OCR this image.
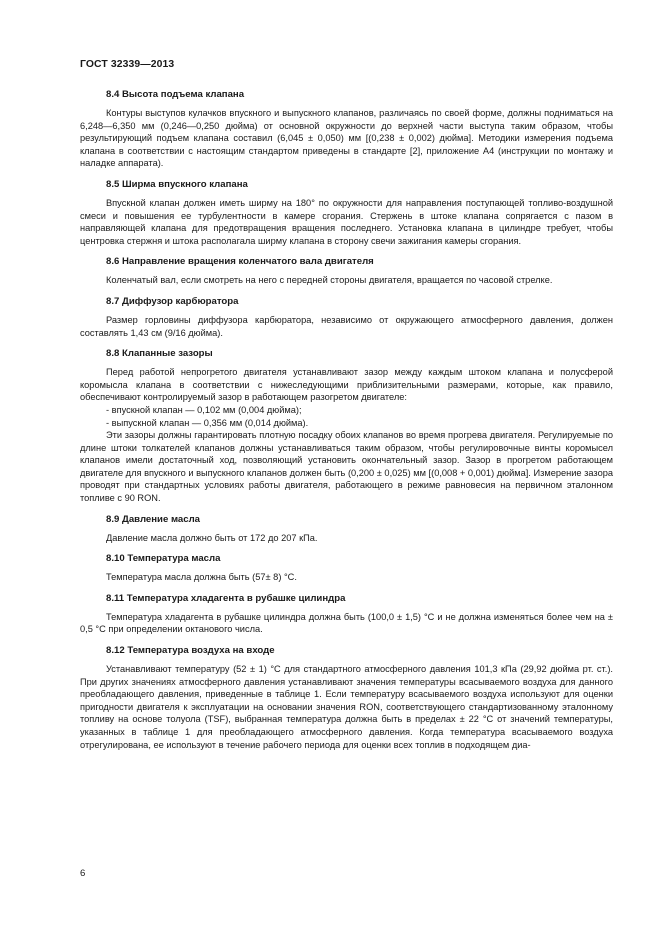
ГОСТ 32339—2013
8.4 Высота подъема клапана

Контуры выступов кулачков впускного и выпускного клапанов, различаясь по своей форме, должны подниматься на 6,248—6,350 мм (0,246—0,250 дюйма) от основной окружности до верхней части выступа таким образом, чтобы результирующий подъем клапана составил (6,045 ± 0,050) мм [(0,238 ± 0,002) дюйма]. Методики измерения подъема клапана в соответствии с настоящим стандартом приведены в стандарте [2], приложение А4 (инструкции по монтажу и наладке аппарата).

8.5 Ширма впускного клапана

Впускной клапан должен иметь ширму на 180° по окружности для направления поступающей топливо-воздушной смеси и повышения ее турбулентности в камере сгорания. Стержень в штоке клапана сопрягается с пазом в направляющей клапана для предотвращения вращения последнего. Установка клапана в цилиндре требует, чтобы центровка стержня и штока располагала ширму клапана в сторону свечи зажигания камеры сгорания.

8.6 Направление вращения коленчатого вала двигателя

Коленчатый вал, если смотреть на него с передней стороны двигателя, вращается по часовой стрелке.

8.7 Диффузор карбюратора

Размер горловины диффузора карбюратора, независимо от окружающего атмосферного давления, должен составлять 1,43 см (9/16 дюйма).

8.8 Клапанные зазоры

Перед работой непрогретого двигателя устанавливают зазор между каждым штоком клапана и полусферой коромысла клапана в соответствии с нижеследующими приблизительными размерами, которые, как правило, обеспечивают контролируемый зазор в работающем разогретом двигателе:

- впускной клапан — 0,102 мм (0,004 дюйма);

- выпускной клапан — 0,356 мм (0,014 дюйма).

Эти зазоры должны гарантировать плотную посадку обоих клапанов во время прогрева двигателя. Регулируемые по длине штоки толкателей клапанов должны устанавливаться таким образом, чтобы регулировочные винты коромысел клапанов имели достаточный ход, позволяющий установить окончательный зазор. Зазор в прогретом работающем двигателе для впускного и выпускного клапанов должен быть (0,200 ± 0,025) мм [(0,008 + 0,001) дюйма]. Измерение зазора проводят при стандартных условиях работы двигателя, работающего в режиме равновесия на первичном эталонном топливе с 90 RON.

8.9 Давление масла

Давление масла должно быть от 172 до 207 кПа.

8.10 Температура масла

Температура масла должна быть (57± 8) °С.

8.11 Температура хладагента в рубашке цилиндра

Температура хладагента в рубашке цилиндра должна быть (100,0 ± 1,5) °С и не должна изменяться более чем на ± 0,5 °С при определении октанового числа.

8.12 Температура воздуха на входе

Устанавливают температуру (52 ± 1) °С для стандартного атмосферного давления 101,3 кПа (29,92 дюйма рт. ст.). При других значениях атмосферного давления устанавливают значения температуры всасываемого воздуха для данного преобладающего давления, приведенные в таблице 1. Если температуру всасываемого воздуха используют для оценки пригодности двигателя к эксплуатации на основании значения RON, соответствующего стандартизованному эталонному топливу на основе толуола (TSF), выбранная температура должна быть в пределах ± 22 °С от значений температуры, указанных в таблице 1 для преобладающего атмосферного давления. Когда температура всасываемого воздуха отрегулирована, ее используют в течение рабочего периода для оценки всех топлив в подходящем диа-

6
